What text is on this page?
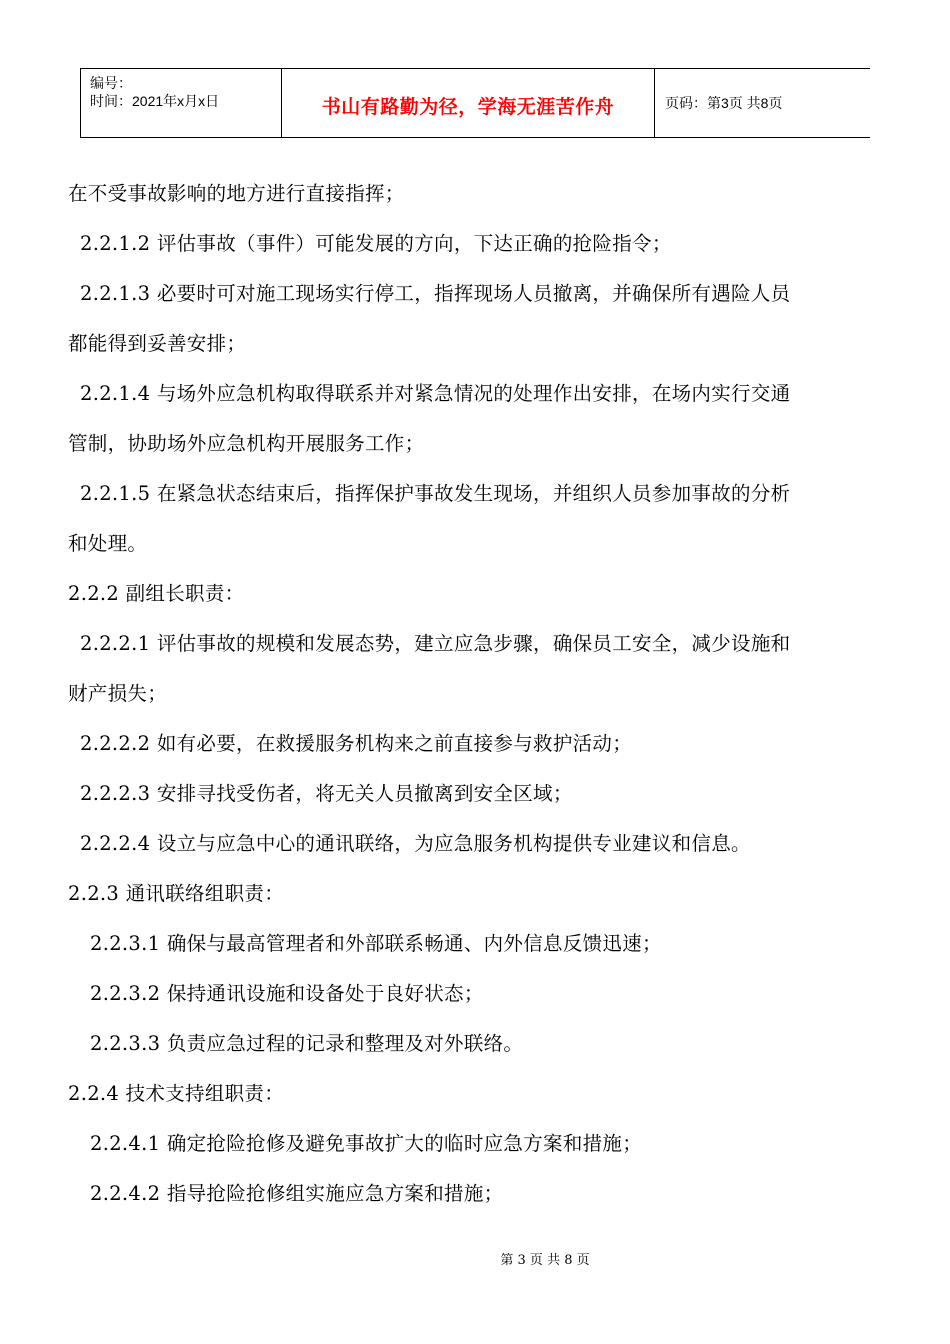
编号：
时间：2021年x月x日	书山有路勤为径，学海无涯苦作舟	页码：第3页 共8页
在不受事故影响的地方进行直接指挥；
2.2.1.2 评估事故（事件）可能发展的方向，下达正确的抢险指令；
2.2.1.3 必要时可对施工现场实行停工，指挥现场人员撤离，并确保所有遇险人员
都能得到妥善安排；
2.2.1.4 与场外应急机构取得联系并对紧急情况的处理作出安排，在场内实行交通
管制，协助场外应急机构开展服务工作；
2.2.1.5 在紧急状态结束后，指挥保护事故发生现场，并组织人员参加事故的分析
和处理。
2.2.2 副组长职责：
2.2.2.1 评估事故的规模和发展态势，建立应急步骤，确保员工安全，减少设施和
财产损失；
2.2.2.2 如有必要，在救援服务机构来之前直接参与救护活动；
2.2.2.3 安排寻找受伤者，将无关人员撤离到安全区域；
2.2.2.4 设立与应急中心的通讯联络，为应急服务机构提供专业建议和信息。
2.2.3 通讯联络组职责：
2.2.3.1 确保与最高管理者和外部联系畅通、内外信息反馈迅速；
2.2.3.2 保持通讯设施和设备处于良好状态；
2.2.3.3 负责应急过程的记录和整理及对外联络。
2.2.4 技术支持组职责：
2.2.4.1 确定抢险抢修及避免事故扩大的临时应急方案和措施；
2.2.4.2 指导抢险抢修组实施应急方案和措施；
第 3 页 共 8 页
